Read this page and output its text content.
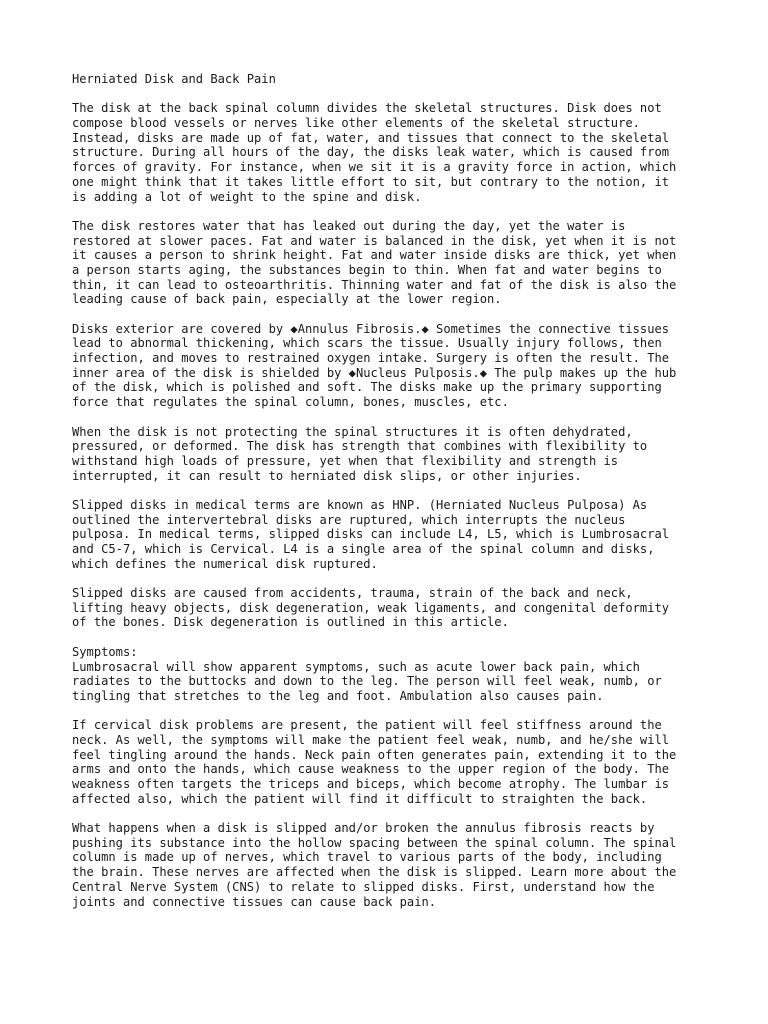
Herniated Disk and Back Pain
The disk at the back spinal column divides the skeletal structures. Disk does not
compose blood vessels or nerves like other elements of the skeletal structure.
Instead, disks are made up of fat, water, and tissues that connect to the skeletal
structure. During all hours of the day, the disks leak water, which is caused from
forces of gravity. For instance, when we sit it is a gravity force in action, which
one might think that it takes little effort to sit, but contrary to the notion, it
is adding a lot of weight to the spine and disk.
The disk restores water that has leaked out during the day, yet the water is
restored at slower paces. Fat and water is balanced in the disk, yet when it is not
it causes a person to shrink height. Fat and water inside disks are thick, yet when
a person starts aging, the substances begin to thin. When fat and water begins to
thin, it can lead to osteoarthritis. Thinning water and fat of the disk is also the
leading cause of back pain, especially at the lower region.
Disks exterior are covered by ◆Annulus Fibrosis.◆ Sometimes the connective tissues
lead to abnormal thickening, which scars the tissue. Usually injury follows, then
infection, and moves to restrained oxygen intake. Surgery is often the result. The
inner area of the disk is shielded by ◆Nucleus Pulposis.◆ The pulp makes up the hub
of the disk, which is polished and soft. The disks make up the primary supporting
force that regulates the spinal column, bones, muscles, etc.
When the disk is not protecting the spinal structures it is often dehydrated,
pressured, or deformed. The disk has strength that combines with flexibility to
withstand high loads of pressure, yet when that flexibility and strength is
interrupted, it can result to herniated disk slips, or other injuries.
Slipped disks in medical terms are known as HNP. (Herniated Nucleus Pulposa) As
outlined the intervertebral disks are ruptured, which interrupts the nucleus
pulposa. In medical terms, slipped disks can include L4, L5, which is Lumbrosacral
and C5-7, which is Cervical. L4 is a single area of the spinal column and disks,
which defines the numerical disk ruptured.
Slipped disks are caused from accidents, trauma, strain of the back and neck,
lifting heavy objects, disk degeneration, weak ligaments, and congenital deformity
of the bones. Disk degeneration is outlined in this article.
Symptoms:
Lumbrosacral will show apparent symptoms, such as acute lower back pain, which
radiates to the buttocks and down to the leg. The person will feel weak, numb, or
tingling that stretches to the leg and foot. Ambulation also causes pain.
If cervical disk problems are present, the patient will feel stiffness around the
neck. As well, the symptoms will make the patient feel weak, numb, and he/she will
feel tingling around the hands. Neck pain often generates pain, extending it to the
arms and onto the hands, which cause weakness to the upper region of the body. The
weakness often targets the triceps and biceps, which become atrophy. The lumbar is
affected also, which the patient will find it difficult to straighten the back.
What happens when a disk is slipped and/or broken the annulus fibrosis reacts by
pushing its substance into the hollow spacing between the spinal column. The spinal
column is made up of nerves, which travel to various parts of the body, including
the brain. These nerves are affected when the disk is slipped. Learn more about the
Central Nerve System (CNS) to relate to slipped disks. First, understand how the
joints and connective tissues can cause back pain.
